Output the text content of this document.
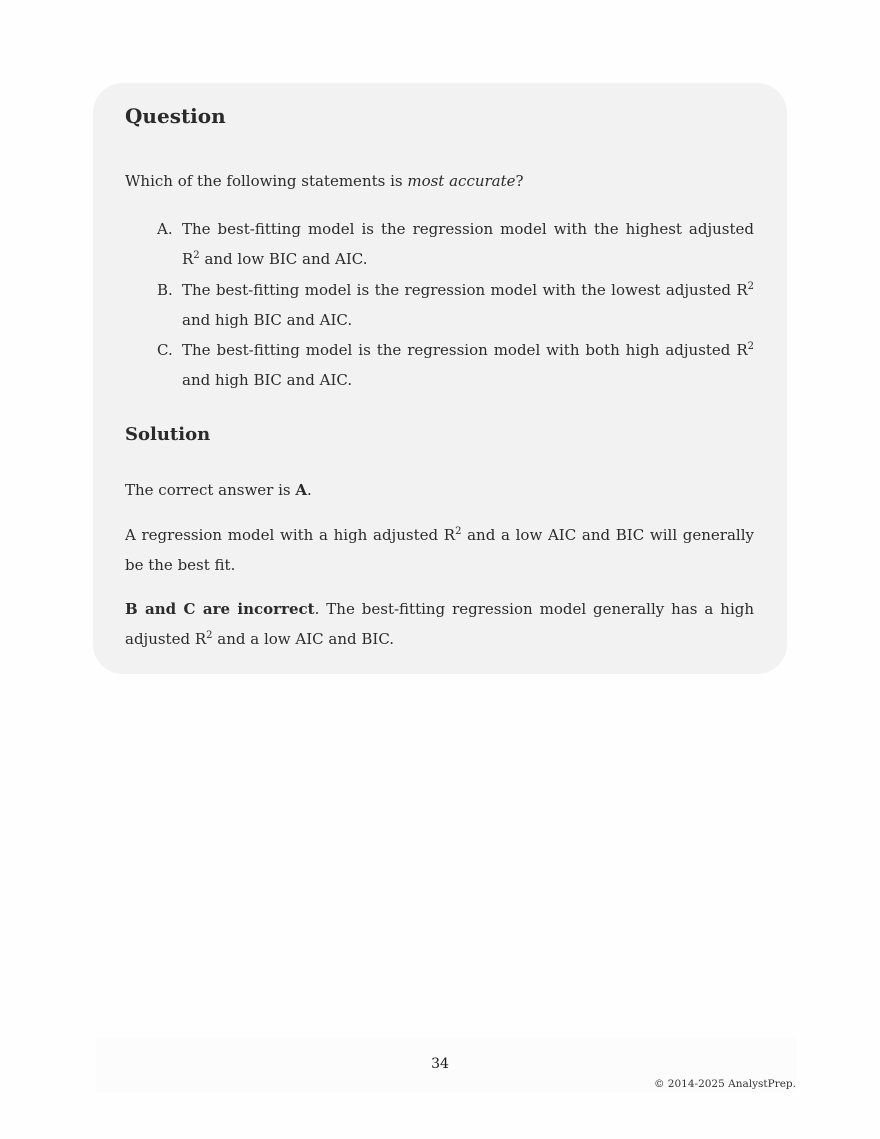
Question

Which of the following statements is most accurate?

A. The best-fitting model is the regression model with the highest adjusted $R^2$ and low BIC and AIC.
B. The best-fitting model is the regression model with the lowest adjusted $R^2$ and high BIC and AIC.
C. The best-fitting model is the regression model with both high adjusted $R^2$ and high BIC and AIC.
Solution

The correct answer is A.

A regression model with a high adjusted $R^2$ and a low AIC and BIC will generally be the best fit.

B and C are incorrect. The best-fitting regression model generally has a high adjusted $R^2$ and a low AIC and BIC.

34
© 2014-2025 AnalystPrep.
